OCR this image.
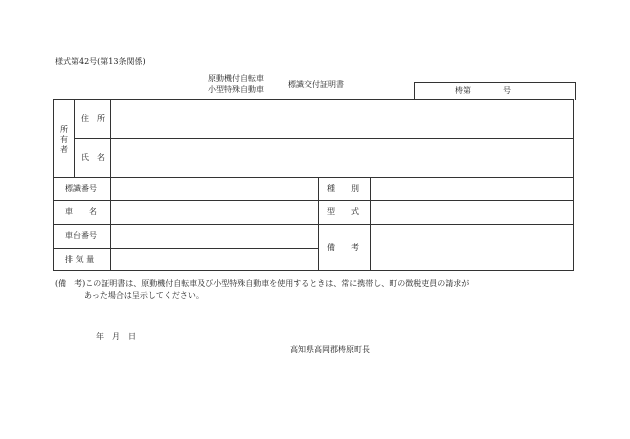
様式第42号(第13条関係)
原動機付自転車
小型特殊自動車
標識交付証明書
梼第　　　　号
所有者
住　所
氏　名
標識番号	種　　別
車　　名	型　　式
車台番号
備　　考
排 気 量
(備　考)この証明書は、原動機付自転車及び小型特殊自動車を使用するときは、常に携帯し、町の徴税吏員の請求が
あった場合は呈示してください。
年　月　日
高知県高岡郡梼原町長
